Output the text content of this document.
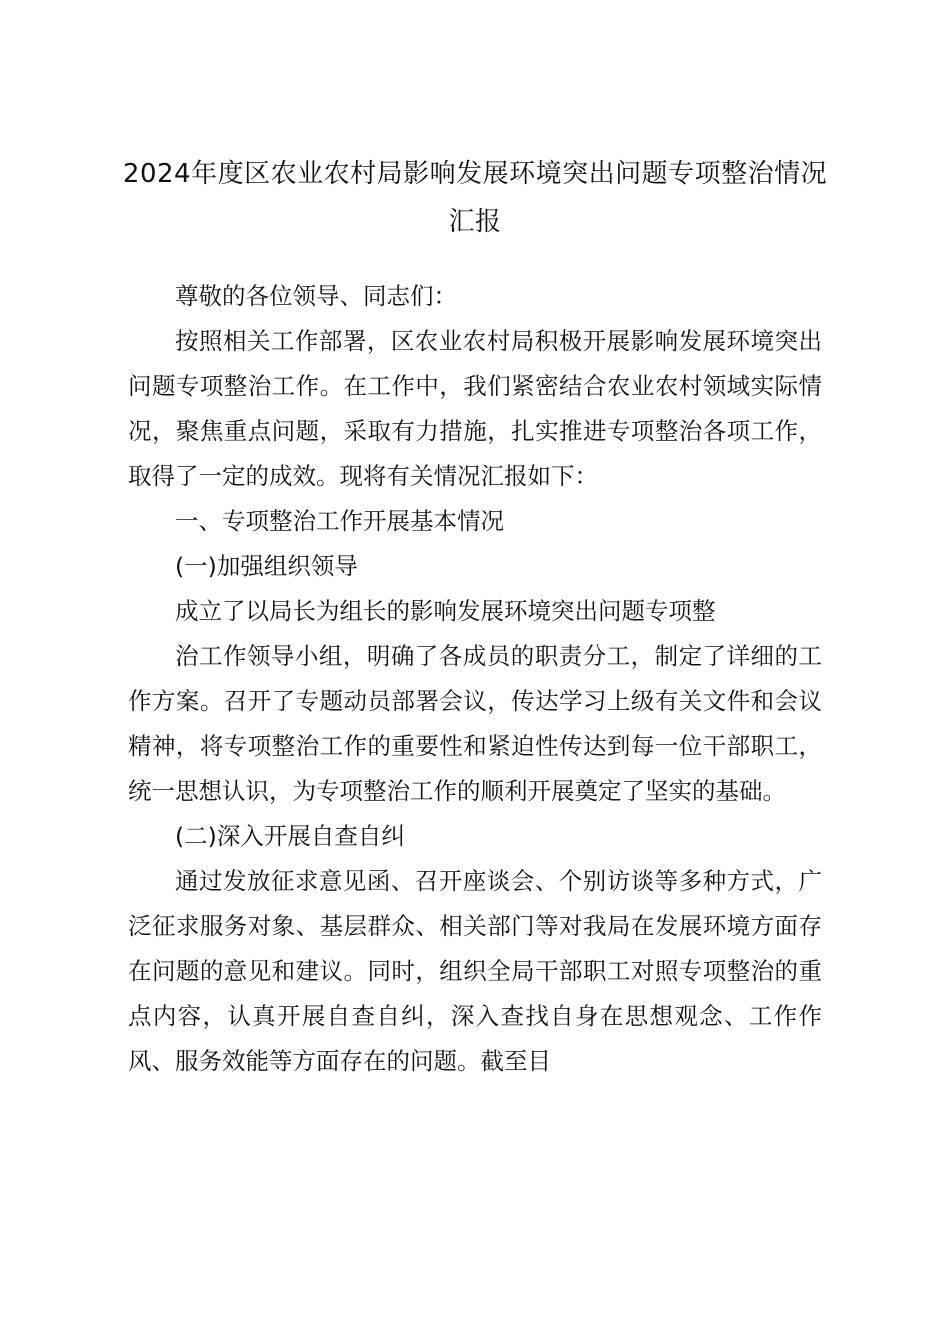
2024年度区农业农村局影响发展环境突出问题专项整治情况汇报

尊敬的各位领导、同志们：

按照相关工作部署，区农业农村局积极开展影响发展环境突出问题专项整治工作。在工作中，我们紧密结合农业农村领域实际情况，聚焦重点问题，采取有力措施，扎实推进专项整治各项工作，取得了一定的成效。现将有关情况汇报如下：

一、专项整治工作开展基本情况

(一)加强组织领导

成立了以局长为组长的影响发展环境突出问题专项整

治工作领导小组，明确了各成员的职责分工，制定了详细的工作方案。召开了专题动员部署会议，传达学习上级有关文件和会议精神，将专项整治工作的重要性和紧迫性传达到每一位干部职工，统一思想认识，为专项整治工作的顺利开展奠定了坚实的基础。

(二)深入开展自查自纠

通过发放征求意见函、召开座谈会、个别访谈等多种方式，广泛征求服务对象、基层群众、相关部门等对我局在发展环境方面存在问题的意见和建议。同时，组织全局干部职工对照专项整治的重点内容，认真开展自查自纠，深入查找自身在思想观念、工作作风、服务效能等方面存在的问题。截至目
